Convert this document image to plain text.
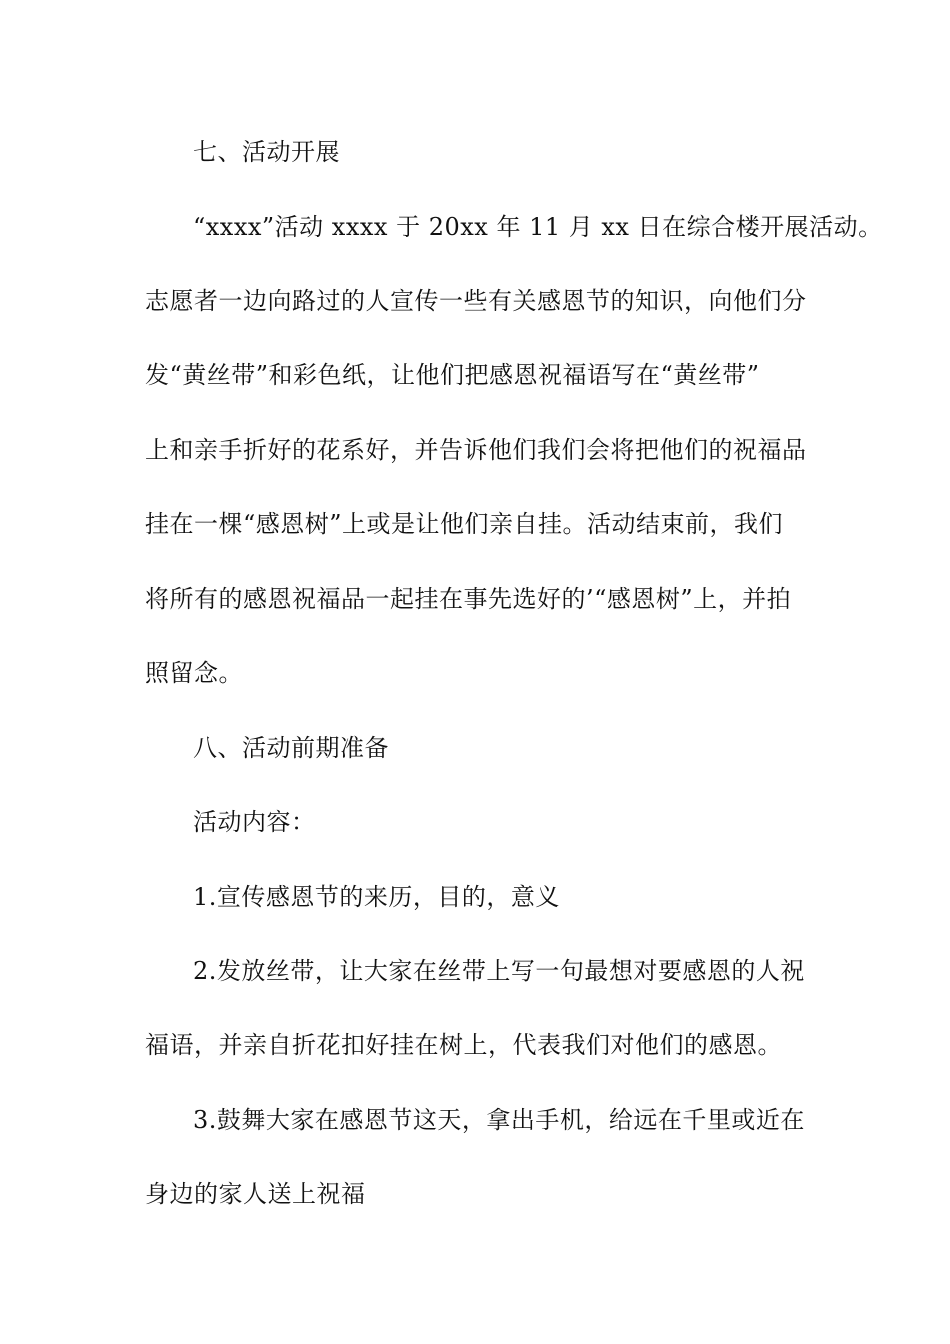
七、活动开展
“xxxx”活动 xxxx 于 20xx 年 11 月 xx 日在综合楼开展活动。
志愿者一边向路过的人宣传一些有关感恩节的知识，向他们分
发“黄丝带”和彩色纸，让他们把感恩祝福语写在“黄丝带”
上和亲手折好的花系好，并告诉他们我们会将把他们的祝福品
挂在一棵“感恩树”上或是让他们亲自挂。活动结束前，我们
将所有的感恩祝福品一起挂在事先选好的’“感恩树”上，并拍
照留念。
八、活动前期准备
活动内容：
1.宣传感恩节的来历，目的，意义
2.发放丝带，让大家在丝带上写一句最想对要感恩的人祝
福语，并亲自折花扣好挂在树上，代表我们对他们的感恩。
3.鼓舞大家在感恩节这天，拿出手机，给远在千里或近在
身边的家人送上祝福
